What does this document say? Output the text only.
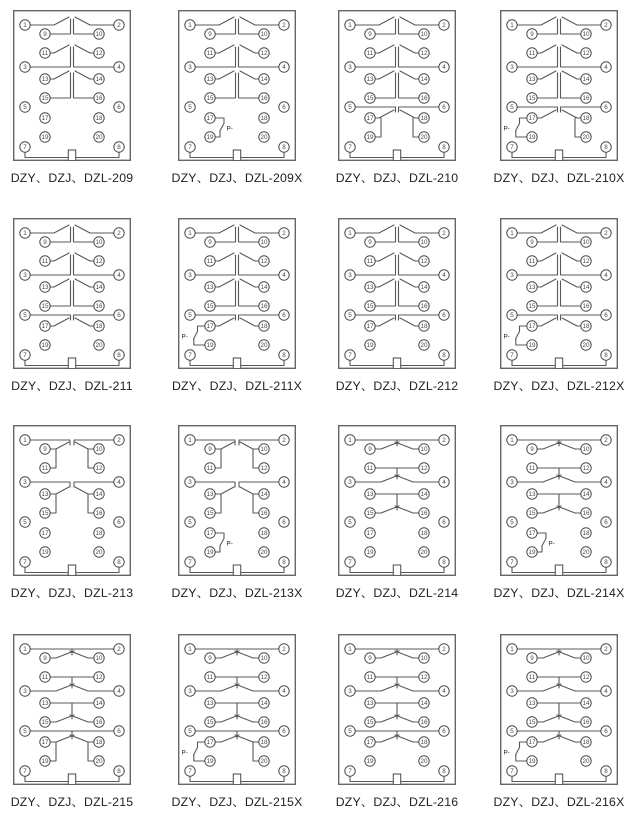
1
3
5
7
9
11
13
15
17
19
10
12
14
16
18
20
2
4
6
8
DZY、DZJ、DZL-209
P-
1
3
5
7
9
11
13
15
17
19
10
12
14
16
18
20
2
4
6
8
DZY、DZJ、DZL-209X
1
3
5
7
9
11
13
15
17
19
10
12
14
16
18
20
2
4
6
8
DZY、DZJ、DZL-210
P-
1
3
5
7
9
11
13
15
17
19
10
12
14
16
18
20
2
4
6
8
DZY、DZJ、DZL-210X
1
3
5
7
9
11
13
15
17
19
10
12
14
16
18
20
2
4
6
8
DZY、DZJ、DZL-211
P-
1
3
5
7
9
11
13
15
17
19
10
12
14
16
18
20
2
4
6
8
DZY、DZJ、DZL-211X
1
3
5
7
9
11
13
15
17
19
10
12
14
16
18
20
2
4
6
8
DZY、DZJ、DZL-212
P-
1
3
5
7
9
11
13
15
17
19
10
12
14
16
18
20
2
4
6
8
DZY、DZJ、DZL-212X
1
3
5
7
9
11
13
15
17
19
10
12
14
16
18
20
2
4
6
8
DZY、DZJ、DZL-213
P-
1
3
5
7
9
11
13
15
17
19
10
12
14
16
18
20
2
4
6
8
DZY、DZJ、DZL-213X
1
3
5
7
9
11
13
15
17
19
10
12
14
16
18
20
2
4
6
8
DZY、DZJ、DZL-214
P-
1
3
5
7
9
11
13
15
17
19
10
12
14
16
18
20
2
4
6
8
DZY、DZJ、DZL-214X
1
3
5
7
9
11
13
15
17
19
10
12
14
16
18
20
2
4
6
8
DZY、DZJ、DZL-215
P-
1
3
5
7
9
11
13
15
17
19
10
12
14
16
18
20
2
4
6
8
DZY、DZJ、DZL-215X
1
3
5
7
9
11
13
15
17
19
10
12
14
16
18
20
2
4
6
8
DZY、DZJ、DZL-216
P-
1
3
5
7
9
11
13
15
17
19
10
12
14
16
18
20
2
4
6
8
DZY、DZJ、DZL-216X
